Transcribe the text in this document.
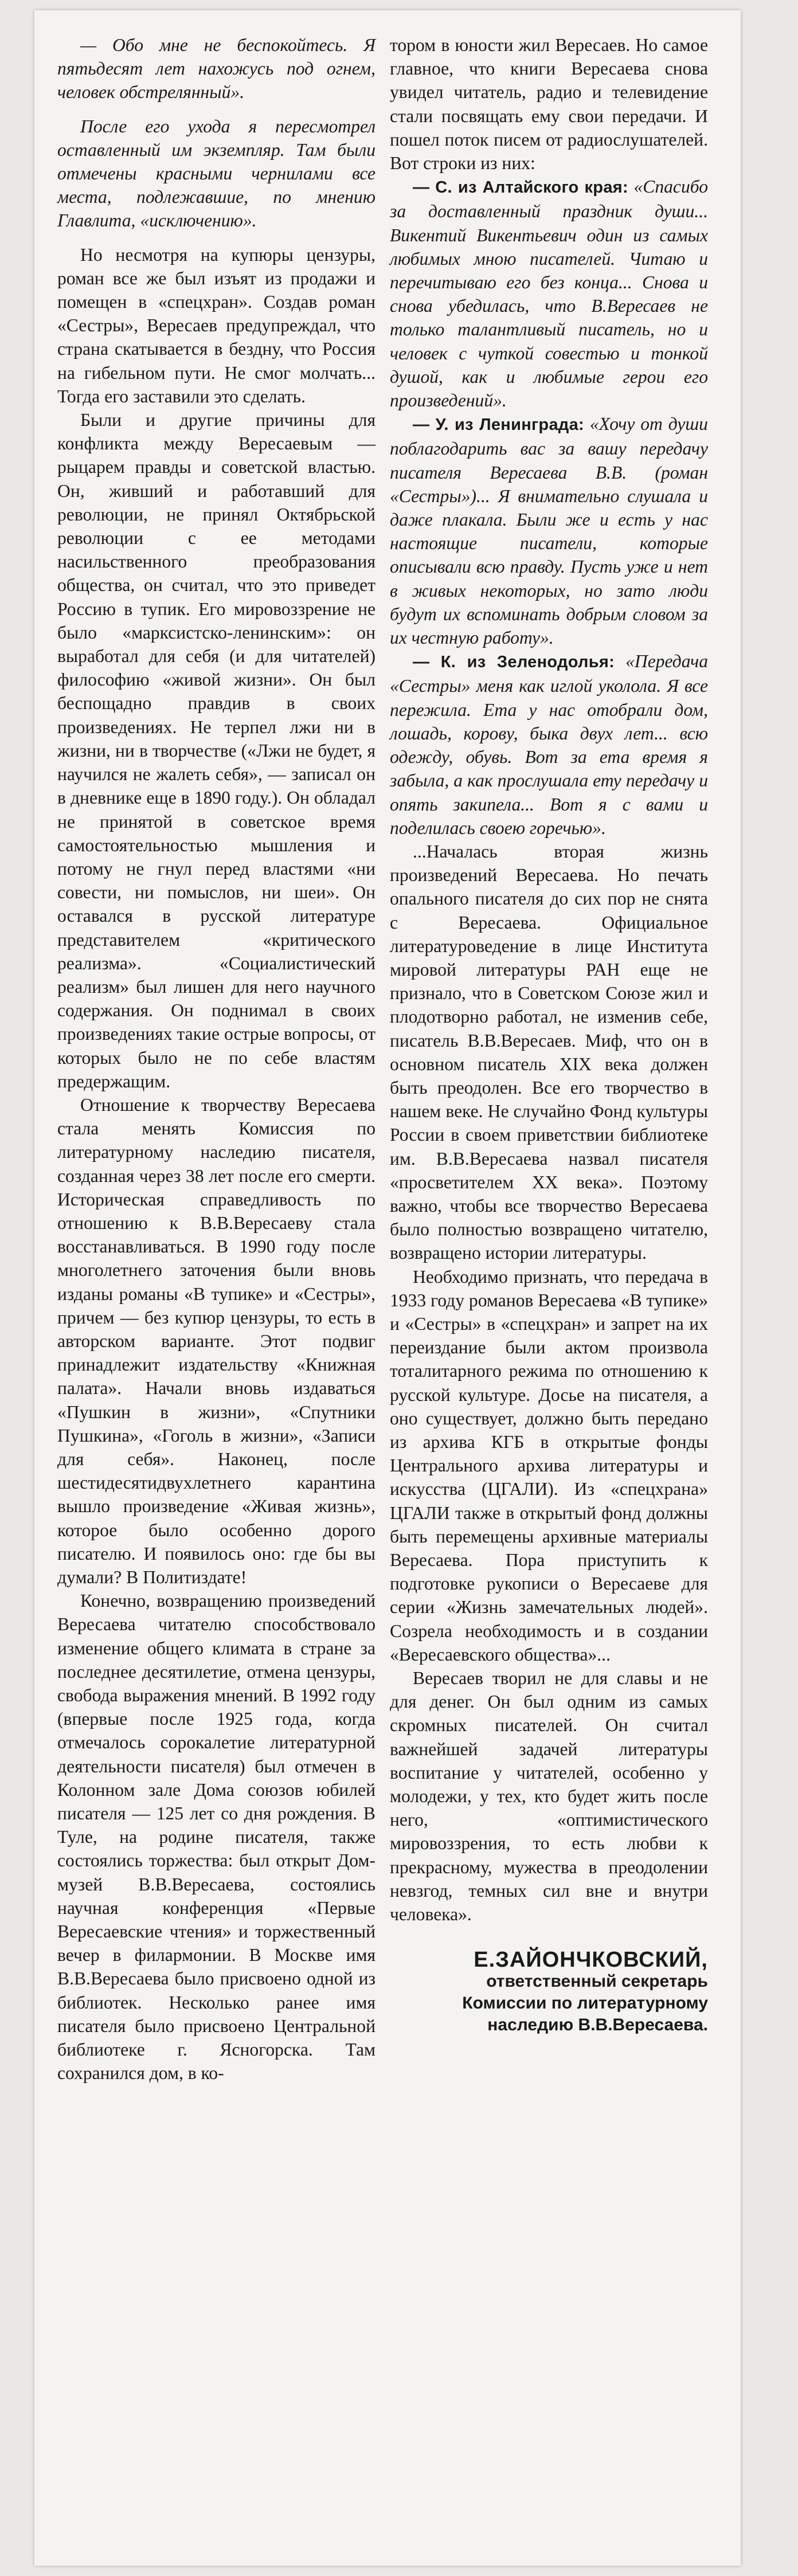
— Обо мне не беспокойтесь. Я пятьдесят лет нахожусь под огнем, человек обстрелянный».

После его ухода я пересмотрел оставленный им экземпляр. Там были отмечены красными чернилами все места, подлежавшие, по мнению Главлита, «исключению».

Но несмотря на купюры цензуры, роман все же был изъят из продажи и помещен в «спецхран». Создав роман «Сестры», Вересаев предупреждал, что страна скатывается в бездну, что Россия на гибельном пути. Не смог молчать... Тогда его заставили это сделать.

Были и другие причины для конфликта между Вересаевым — рыцарем правды и советской властью. Он, живший и работавший для революции, не принял Октябрьской революции с ее методами насильственного преобразования общества, он считал, что это приведет Россию в тупик. Его мировоззрение не было «марксистско-ленинским»: он выработал для себя (и для читателей) философию «живой жизни». Он был беспощадно правдив в своих произведениях. Не терпел лжи ни в жизни, ни в творчестве («Лжи не будет, я научился не жалеть себя», — записал он в дневнике еще в 1890 году.). Он обладал не принятой в советское время самостоятельностью мышления и потому не гнул перед властями «ни совести, ни помыслов, ни шеи». Он оставался в русской литературе представителем «критического реализма». «Социалистический реализм» был лишен для него научного содержания. Он поднимал в своих произведениях такие острые вопросы, от которых было не по себе властям предержащим.

Отношение к творчеству Вересаева стала менять Комиссия по литературному наследию писателя, созданная через 38 лет после его смерти. Историческая справедливость по отношению к В.В.Вересаеву стала восстанавливаться. В 1990 году после многолетнего заточения были вновь изданы романы «В тупике» и «Сестры», причем — без купюр цензуры, то есть в авторском варианте. Этот подвиг принадлежит издательству «Книжная палата». Начали вновь издаваться «Пушкин в жизни», «Спутники Пушкина», «Гоголь в жизни», «Записи для себя». Наконец, после шестидесятидвухлетнего карантина вышло произведение «Живая жизнь», которое было особенно дорого писателю. И появилось оно: где бы вы думали? В Политиздате!

Конечно, возвращению произведений Вересаева читателю способствовало изменение общего климата в стране за последнее десятилетие, отмена цензуры, свобода выражения мнений. В 1992 году (впервые после 1925 года, когда отмечалось сорокалетие литературной деятельности писателя) был отмечен в Колонном зале Дома союзов юбилей писателя — 125 лет со дня рождения. В Туле, на родине писателя, также состоялись торжества: был открыт Дом-музей В.В.Вересаева, состоялись научная конференция «Первые Вересаевские чтения» и торжественный вечер в филармонии. В Москве имя В.В.Вересаева было присвоено одной из библиотек. Несколько ранее имя писателя было присвоено Центральной библиотеке г. Ясногорска. Там сохранился дом, в ко-

тором в юности жил Вересаев. Но самое главное, что книги Вересаева снова увидел читатель, радио и телевидение стали посвящать ему свои передачи. И пошел поток писем от радиослушателей. Вот строки из них:

— С. из Алтайского края: «Спасибо за доставленный праздник души... Викентий Викентьевич один из самых любимых мною писателей. Читаю и перечитываю его без конца... Снова и снова убедилась, что В.Вересаев не только талантливый писатель, но и человек с чуткой совестью и тонкой душой, как и любимые герои его произведений».

— У. из Ленинграда: «Хочу от души поблагодарить вас за вашу передачу писателя Вересаева В.В. (роман «Сестры»)... Я внимательно слушала и даже плакала. Были же и есть у нас настоящие писатели, которые описывали всю правду. Пусть уже и нет в живых некоторых, но зато люди будут их вспоминать добрым словом за их честную работу».

— К. из Зеленодолья: «Передача «Сестры» меня как иглой уколола. Я все пережила. Ета у нас отобрали дом, лошадь, корову, быка двух лет... всю одежду, обувь. Вот за ета время я забыла, а как прослушала ету передачу и опять закипела... Вот я с вами и поделилась своею горечью».

...Началась вторая жизнь произведений Вересаева. Но печать опального писателя до сих пор не снята с Вересаева. Официальное литературоведение в лице Института мировой литературы РАН еще не признало, что в Советском Союзе жил и плодотворно работал, не изменив себе, писатель В.В.Вересаев. Миф, что он в основном писатель XIX века должен быть преодолен. Все его творчество в нашем веке. Не случайно Фонд культуры России в своем приветствии библиотеке им. В.В.Вересаева назвал писателя «просветителем XX века». Поэтому важно, чтобы все творчество Вересаева было полностью возвращено читателю, возвращено истории литературы.

Необходимо признать, что передача в 1933 году романов Вересаева «В тупике» и «Сестры» в «спецхран» и запрет на их переиздание были актом произвола тоталитарного режима по отношению к русской культуре. Досье на писателя, а оно существует, должно быть передано из архива КГБ в открытые фонды Центрального архива литературы и искусства (ЦГАЛИ). Из «спецхрана» ЦГАЛИ также в открытый фонд должны быть перемещены архивные материалы Вересаева. Пора приступить к подготовке рукописи о Вересаеве для серии «Жизнь замечательных людей». Созрела необходимость и в создании «Вересаевского общества»...

Вересаев творил не для славы и не для денег. Он был одним из самых скромных писателей. Он считал важнейшей задачей литературы воспитание у читателей, особенно у молодежи, у тех, кто будет жить после него, «оптимистического мировоззрения, то есть любви к прекрасному, мужества в преодолении невзгод, темных сил вне и внутри человека».

Е.ЗАЙОНЧКОВСКИЙ,
ответственный секретарь
Комиссии по литературному
наследию В.В.Вересаева.
